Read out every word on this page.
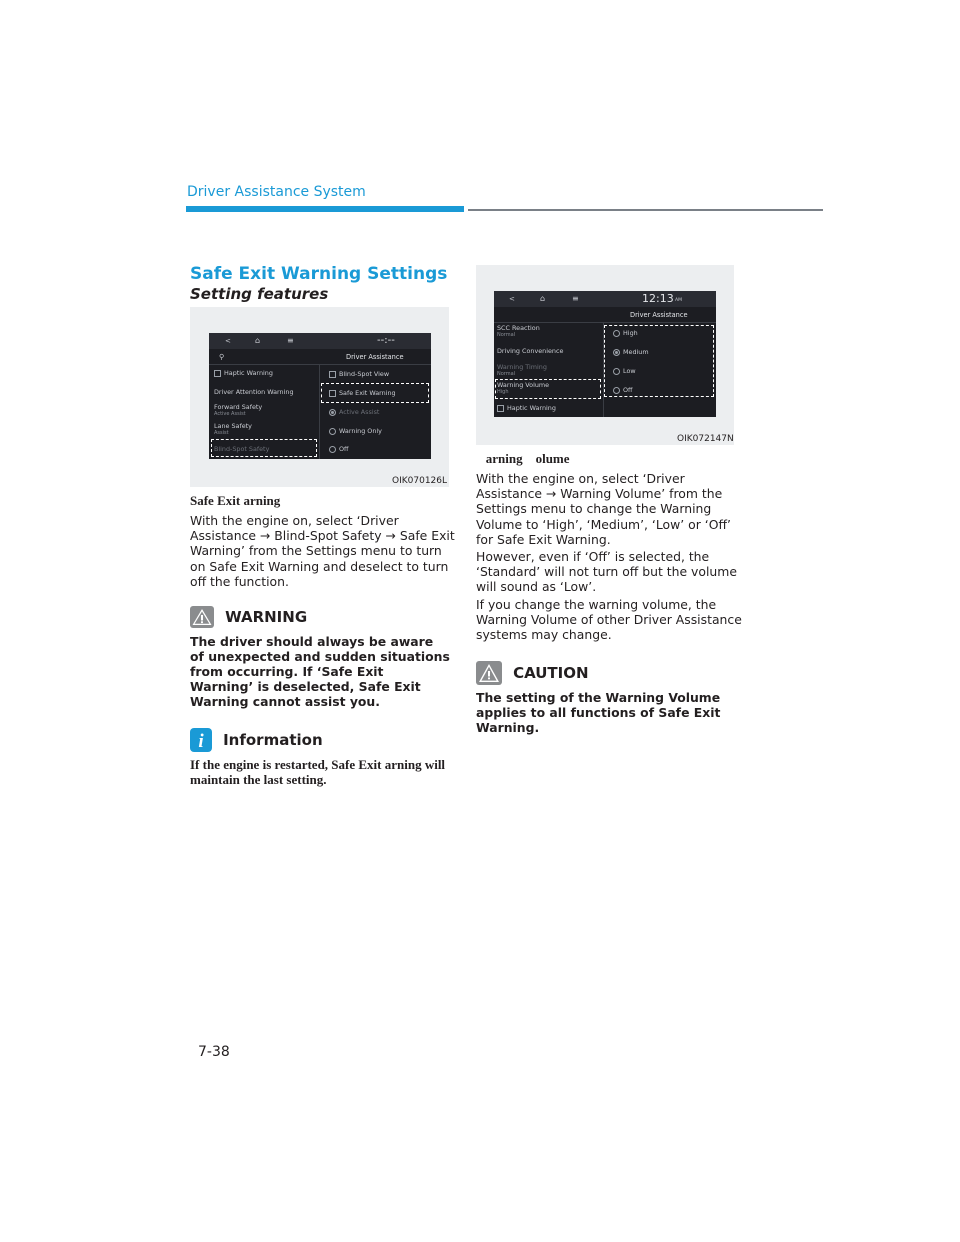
Driver Assistance System
Safe Exit Warning Settings
Setting features
<	⌂	≡	--:--
⚲	Driver Assistance
Haptic Warning
Driver Attention Warning
Forward Safety
Active Assist
Lane Safety
Assist
Blind-Spot Safety
Blind-Spot View
Safe Exit Warning
Active Assist
Warning Only
Off
OIK070126L
Safe Exit arning
With the engine on, select ‘Driver Assistance → Blind-Spot Safety → Safe Exit Warning’ from the Settings menu to turn on Safe Exit Warning and deselect to turn off the function.
WARNING
The driver should always be aware of unexpected and sudden situations from occurring. If ‘Safe Exit Warning’ is deselected, Safe Exit Warning cannot assist you.
i Information
If the engine is restarted, Safe Exit arning will maintain the last setting.
<	⌂	≡	12:13 AM
Driver Assistance
SCC Reaction
Normal
Driving Convenience
Warning Timing
Normal
Warning Volume
High
Haptic Warning
High
Medium
Low
Off
OIK072147N
arning    olume
With the engine on, select ‘Driver Assistance → Warning Volume’ from the Settings menu to change the Warning Volume to ‘High’, ‘Medium’, ‘Low’ or ‘Off’ for Safe Exit Warning.
However, even if ‘Off’ is selected, the ‘Standard’ will not turn off but the volume will sound as ‘Low’.
If you change the warning volume, the Warning Volume of other Driver Assistance systems may change.
CAUTION
The setting of the Warning Volume applies to all functions of Safe Exit Warning.
7-38
